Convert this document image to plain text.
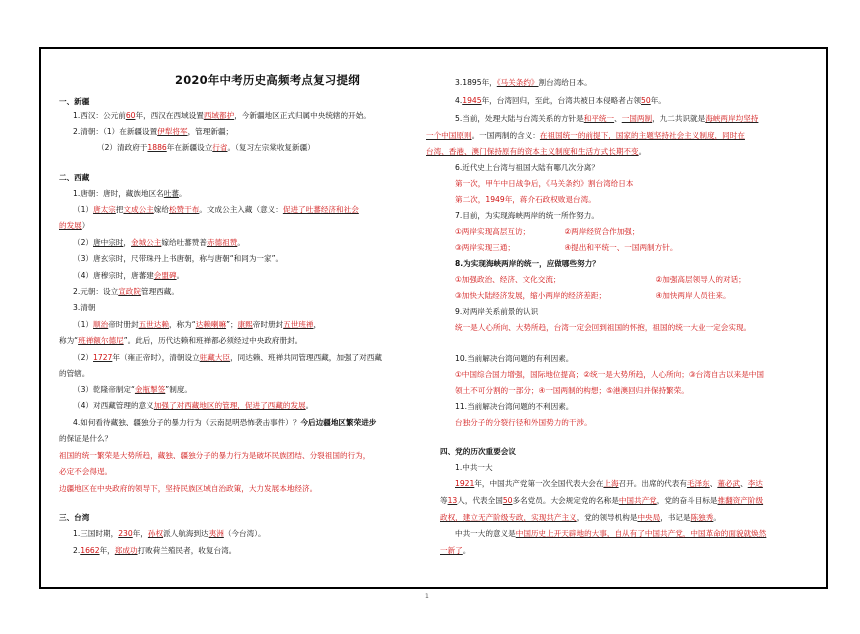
2020年中考历史高频考点复习提纲

一、新疆

1.西汉：公元前60年，西汉在西域设置西域都护，今新疆地区正式归属中央统辖的开始。

2.清朝：（1）在新疆设置伊犁将军，管理新疆；

（2）清政府于1886年在新疆设立行省。（复习左宗棠收复新疆）

二、西藏

1.唐朝：唐时，藏族地区名吐蕃。

（1）唐太宗把文成公主嫁给松赞干布。文成公主入藏（意义：促进了吐蕃经济和社会

的发展）

（2）唐中宗时，金城公主嫁给吐蕃赞普赤德祖赞。

（3）唐玄宗时，尺带珠丹上书唐朝，称与唐朝“和同为一家”。

（4）唐穆宗时，唐蕃建会盟碑。

2.元朝：设立宣政院管理西藏。

3.清朝

（1）顺治帝时册封五世达赖，称为“达赖喇嘛”；康熙帝时册封五世班禅，

称为“班禅额尔德尼”。此后，历代达赖和班禅都必须经过中央政府册封。

（2）1727年（雍正帝时），清朝设立驻藏大臣，同达赖、班禅共同管理西藏，加强了对西藏

的管辖。

（3）乾隆帝制定“金瓶掣签”制度。

（4）对西藏管理的意义加强了对西藏地区的管理，促进了西藏的发展。

4.如何看待藏独、疆独分子的暴力行为（云南昆明恐怖袭击事件）？今后边疆地区繁荣进步

的保证是什么？

祖国的统一繁荣是大势所趋，藏独、疆独分子的暴力行为是破坏民族团结、分裂祖国的行为，

必定不会得逞。

边疆地区在中央政府的领导下，坚持民族区域自治政策，大力发展本地经济。

三、台湾

1.三国时期，230年，孙权派人航海到达夷洲（今台湾）。

2.1662年，郑成功打败荷兰殖民者，收复台湾。

3.1895年，《马关条约》割台湾给日本。

4.1945年，台湾回归，至此，台湾共被日本侵略者占领50年。

5.当前，处理大陆与台湾关系的方针是和平统一、一国两制，九二共识就是海峡两岸均坚持

一个中国原则。一国两制的含义：在祖国统一的前提下，国家的主题坚持社会主义制度，同时在

台湾、香港、澳门保持原有的资本主义制度和生活方式长期不变。

6.近代史上台湾与祖国大陆有哪几次分离？

第一次，甲午中日战争后，《马关条约》割台湾给日本

第二次，1949年，蒋介石政权败退台湾。

7.目前，为实现海峡两岸的统一所作努力。

①两岸实现高层互访；　　　　　②两岸经贸合作加强；

③两岸实现三通；　　　　　　　④提出和平统一、一国两制方针。

8.为实现海峡两岸的统一，应做哪些努力？

①加强政治、经济、文化交流；　　　　　　　　　　　　　②加强高层领导人的对话；

③加快大陆经济发展，缩小两岸的经济差距；　　　　　　　④加快两岸人员往来。

9.对两岸关系前景的认识

统一是人心所向、大势所趋，台湾一定会回到祖国的怀抱，祖国的统一大业一定会实现。

10.当前解决台湾问题的有利因素。

①中国综合国力增强，国际地位提高；②统一是大势所趋，人心所向；③台湾自古以来是中国

领土不可分割的一部分；④一国两制的构想；⑤港澳回归并保持繁荣。

11.当前解决台湾问题的不利因素。

台独分子的分裂行径和外国势力的干涉。

四、党的历次重要会议

1.中共一大

1921年，中国共产党第一次全国代表大会在上海召开。出席的代表有毛泽东、董必武、李达

等13人，代表全国50多名党员。大会规定党的名称是中国共产党，党的奋斗目标是推翻资产阶级

政权，建立无产阶级专政，实现共产主义，党的领导机构是中央局，书记是陈独秀。

中共一大的意义是中国历史上开天辟地的大事，自从有了中国共产党，中国革命的面貌就焕然

一新了。

1
